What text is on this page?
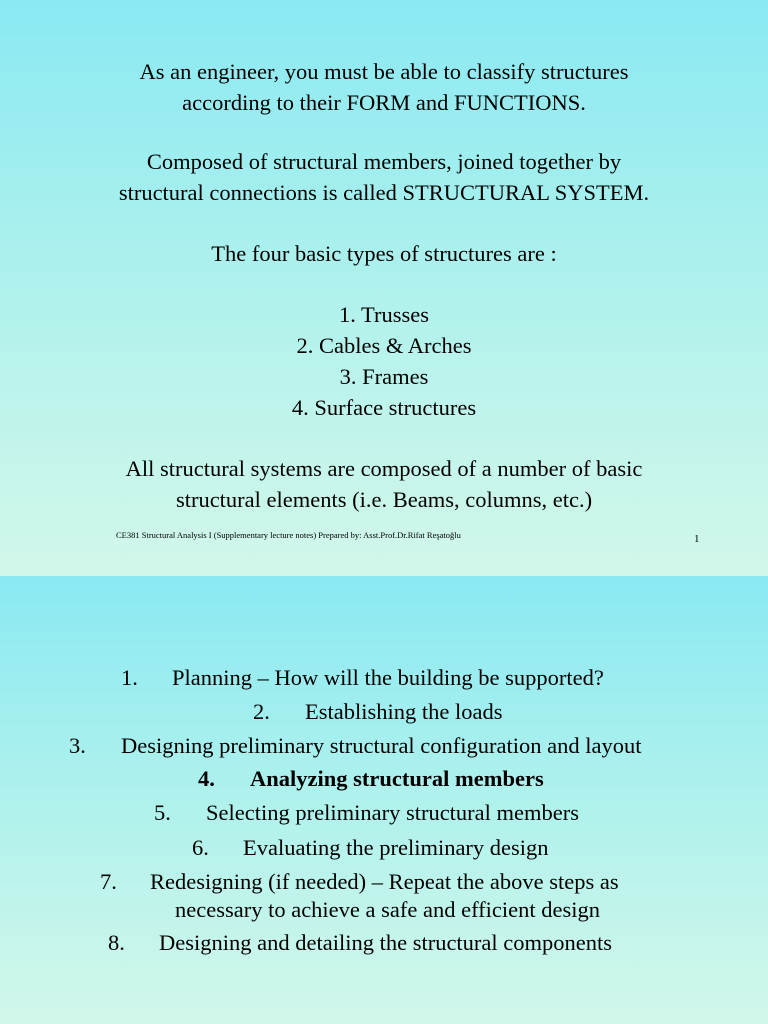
As an engineer, you must be able to classify structures
according to their FORM and FUNCTIONS.
Composed of structural members, joined together by
structural connections is called STRUCTURAL SYSTEM.
The four basic types of structures are :
1. Trusses
2. Cables & Arches
3. Frames
4. Surface structures
All structural systems are composed of a number of basic
structural elements (i.e. Beams, columns, etc.)
CE381 Structural Analysis I (Supplementary lecture notes) Prepared by: Asst.Prof.Dr.Rifat Reşatoğlu	1
1. Planning – How will the building be supported?
2. Establishing the loads
3. Designing preliminary structural configuration and layout
4. Analyzing structural members
5. Selecting preliminary structural members
6. Evaluating the preliminary design
7. Redesigning (if needed) – Repeat the above steps as
necessary to achieve a safe and efficient design
8. Designing and detailing the structural components
